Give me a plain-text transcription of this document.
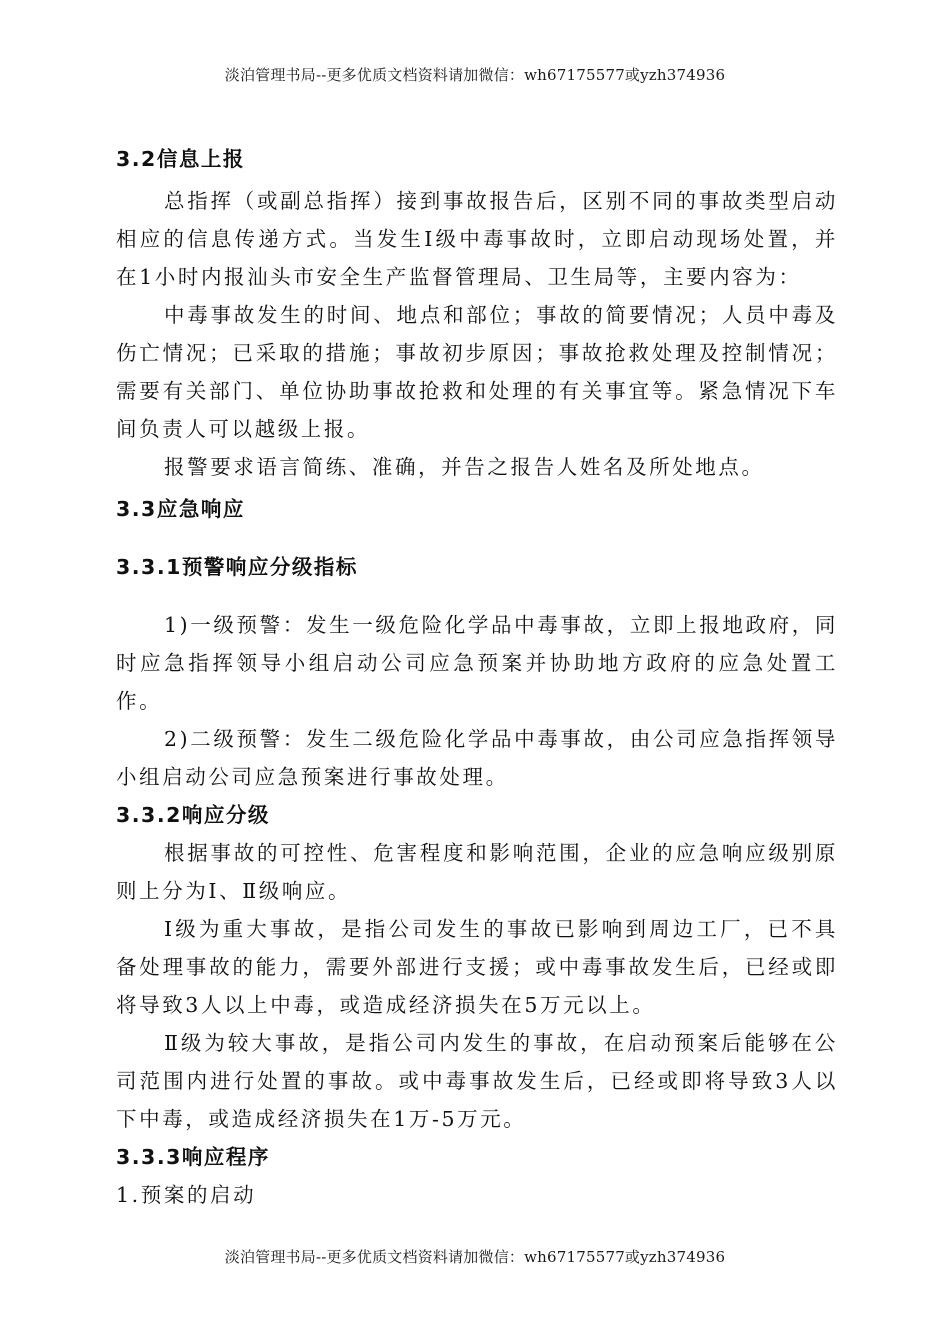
淡泊管理书局--更多优质文档资料请加微信：wh67175577或yzh374936
3.2信息上报

总指挥（或副总指挥）接到事故报告后，区别不同的事故类型启动相应的信息传递方式。当发生Ⅰ级中毒事故时，立即启动现场处置，并在1小时内报汕头市安全生产监督管理局、卫生局等，主要内容为：

中毒事故发生的时间、地点和部位；事故的简要情况；人员中毒及伤亡情况；已采取的措施；事故初步原因；事故抢救处理及控制情况；需要有关部门、单位协助事故抢救和处理的有关事宜等。紧急情况下车间负责人可以越级上报。

报警要求语言简练、准确，并告之报告人姓名及所处地点。

3.3应急响应
3.3.1预警响应分级指标

1)一级预警：发生一级危险化学品中毒事故，立即上报地政府，同时应急指挥领导小组启动公司应急预案并协助地方政府的应急处置工作。

2)二级预警：发生二级危险化学品中毒事故，由公司应急指挥领导小组启动公司应急预案进行事故处理。

3.3.2响应分级

根据事故的可控性、危害程度和影响范围，企业的应急响应级别原则上分为Ⅰ、Ⅱ级响应。

Ⅰ级为重大事故，是指公司发生的事故已影响到周边工厂，已不具备处理事故的能力，需要外部进行支援；或中毒事故发生后，已经或即将导致3人以上中毒，或造成经济损失在5万元以上。

Ⅱ级为较大事故，是指公司内发生的事故，在启动预案后能够在公司范围内进行处置的事故。或中毒事故发生后，已经或即将导致3人以下中毒，或造成经济损失在1万-5万元。

3.3.3响应程序

1.预案的启动

淡泊管理书局--更多优质文档资料请加微信：wh67175577或yzh374936
